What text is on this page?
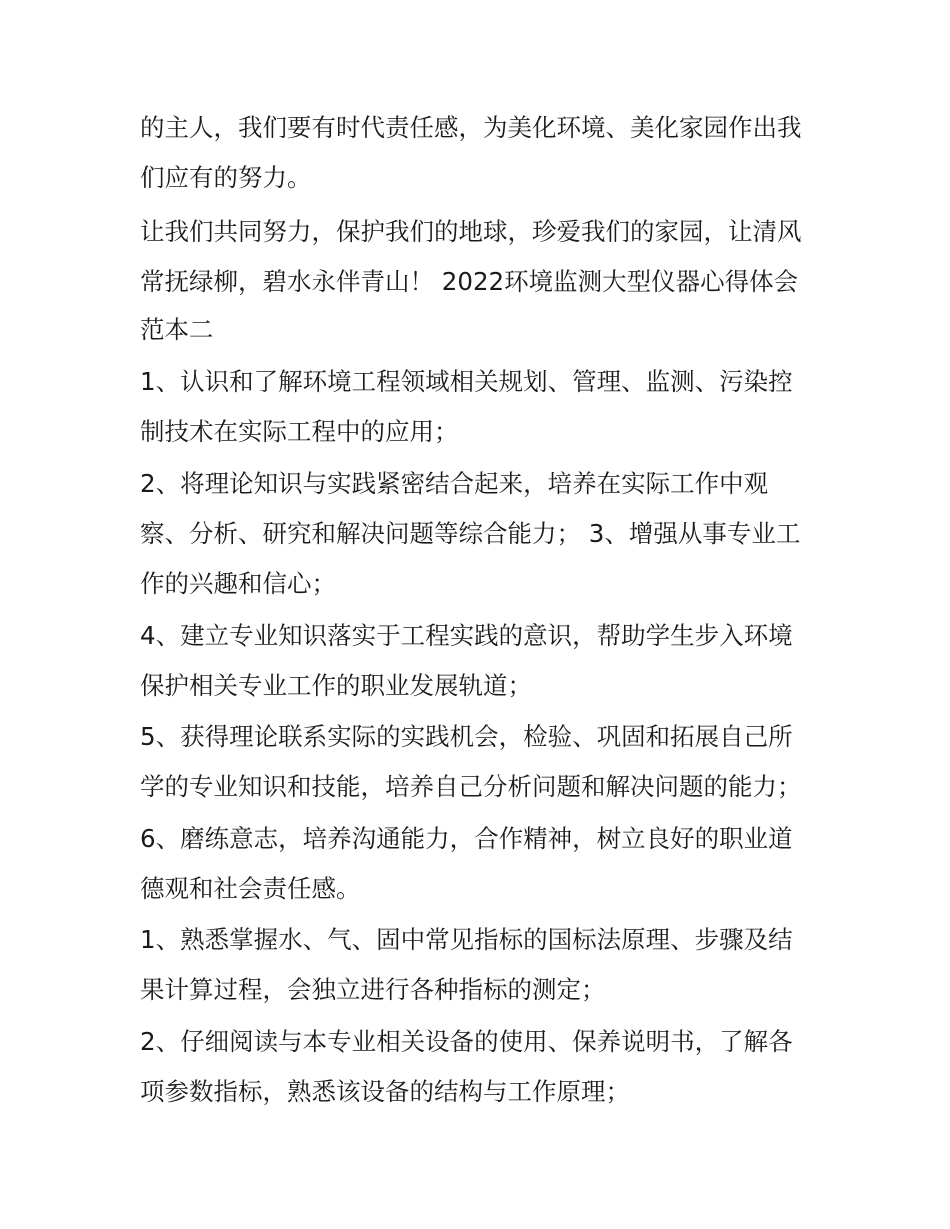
的主人，我们要有时代责任感，为美化环境、美化家园作出我

们应有的努力。

让我们共同努力，保护我们的地球，珍爱我们的家园，让清风

常抚绿柳，碧水永伴青山！ 2022环境监测大型仪器心得体会

范本二

1、认识和了解环境工程领域相关规划、管理、监测、污染控

制技术在实际工程中的应用；

2、将理论知识与实践紧密结合起来，培养在实际工作中观

察、分析、研究和解决问题等综合能力； 3、增强从事专业工

作的兴趣和信心；

4、建立专业知识落实于工程实践的意识，帮助学生步入环境

保护相关专业工作的职业发展轨道；

5、获得理论联系实际的实践机会，检验、巩固和拓展自己所

学的专业知识和技能，培养自己分析问题和解决问题的能力；

6、磨练意志，培养沟通能力，合作精神，树立良好的职业道

德观和社会责任感。

1、熟悉掌握水、气、固中常见指标的国标法原理、步骤及结

果计算过程，会独立进行各种指标的测定；

2、仔细阅读与本专业相关设备的使用、保养说明书，了解各

项参数指标，熟悉该设备的结构与工作原理；
